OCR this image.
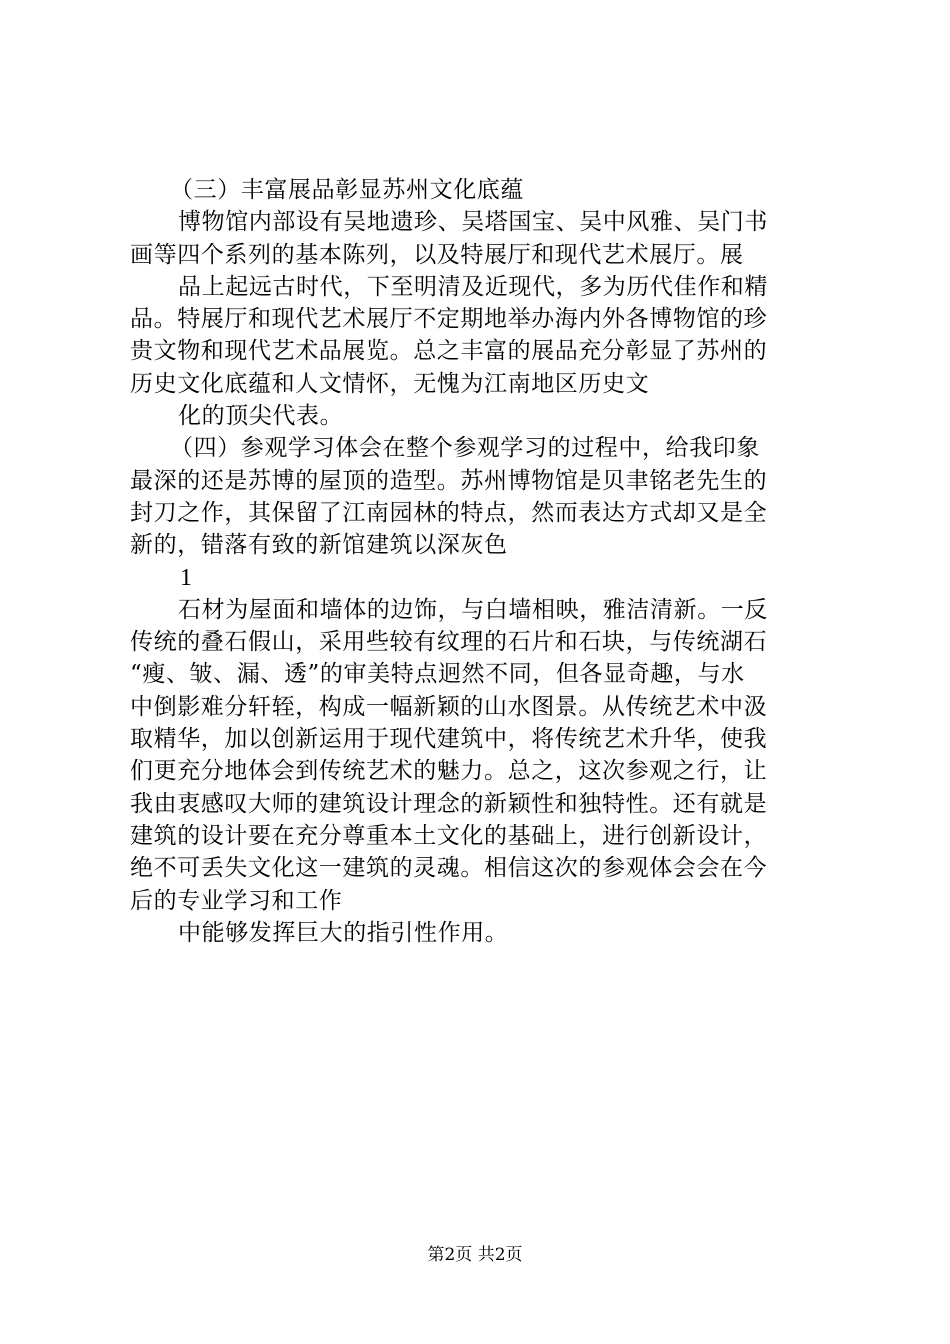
（三）丰富展品彰显苏州文化底蕴
博物馆内部设有吴地遗珍、吴塔国宝、吴中风雅、吴门书
画等四个系列的基本陈列，以及特展厅和现代艺术展厅。展
品上起远古时代，下至明清及近现代，多为历代佳作和精
品。特展厅和现代艺术展厅不定期地举办海内外各博物馆的珍
贵文物和现代艺术品展览。总之丰富的展品充分彰显了苏州的
历史文化底蕴和人文情怀，无愧为江南地区历史文
化的顶尖代表。
（四）参观学习体会在整个参观学习的过程中，给我印象
最深的还是苏博的屋顶的造型。苏州博物馆是贝聿铭老先生的
封刀之作，其保留了江南园林的特点，然而表达方式却又是全
新的，错落有致的新馆建筑以深灰色
1
石材为屋面和墙体的边饰，与白墙相映，雅洁清新。一反
传统的叠石假山，采用些较有纹理的石片和石块，与传统湖石
“瘦、皱、漏、透”的审美特点迥然不同，但各显奇趣，与水
中倒影难分轩轾，构成一幅新颖的山水图景。从传统艺术中汲
取精华，加以创新运用于现代建筑中，将传统艺术升华，使我
们更充分地体会到传统艺术的魅力。总之，这次参观之行，让
我由衷感叹大师的建筑设计理念的新颖性和独特性。还有就是
建筑的设计要在充分尊重本土文化的基础上，进行创新设计，
绝不可丢失文化这一建筑的灵魂。相信这次的参观体会会在今
后的专业学习和工作
中能够发挥巨大的指引性作用。
第2页 共2页
